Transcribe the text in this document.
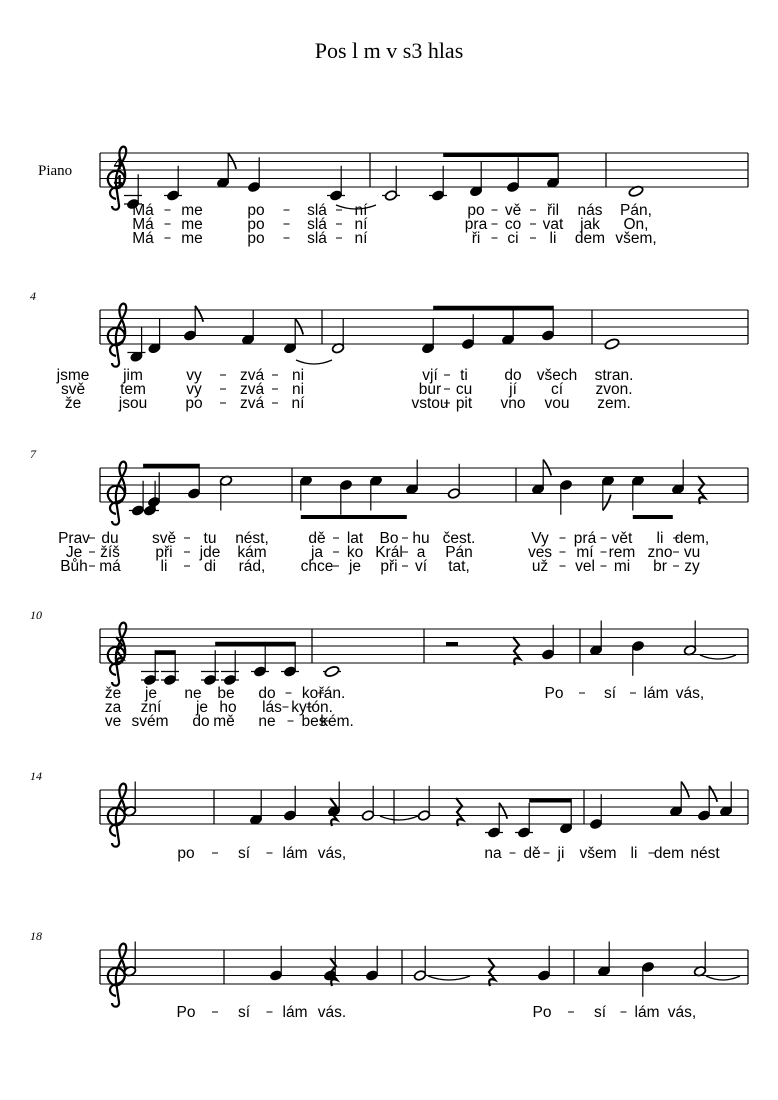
Pos l m v s3 hlas
Má me	po	slá ní	po vě řil nás Pán,
Má me	po	slá ní	pra co vat jak On,
Má me	po	slá ní	ři ci li dem všem,
4
jsme jim	vy zvá ni	vjí ti do všech stran.
svě tem	vy zvá ni	bur cu jí cí zvon.
že jsou po zvá ní	vstou pit vno vou zem.
7
Prav du svě tu nést,	dě lat Bo hu čest.	Vy prá vět li dem,
Je žíš při jde kám	ja ko Král a Pán	ves mí rem zno vu
Bůh má	li di rád, chce je při ví tat,	už vel mi br zy
10
že je ne be do ko řán.	Po	sí lám vás,
za zní je ho lás ky tón.
ve svém do mě ne bes
kém.
14
po	sí lám vás,	na dě ji všem li dem nést
18
Po	sí lám vás.	Po	sí lám vás,
4
4
Piano
